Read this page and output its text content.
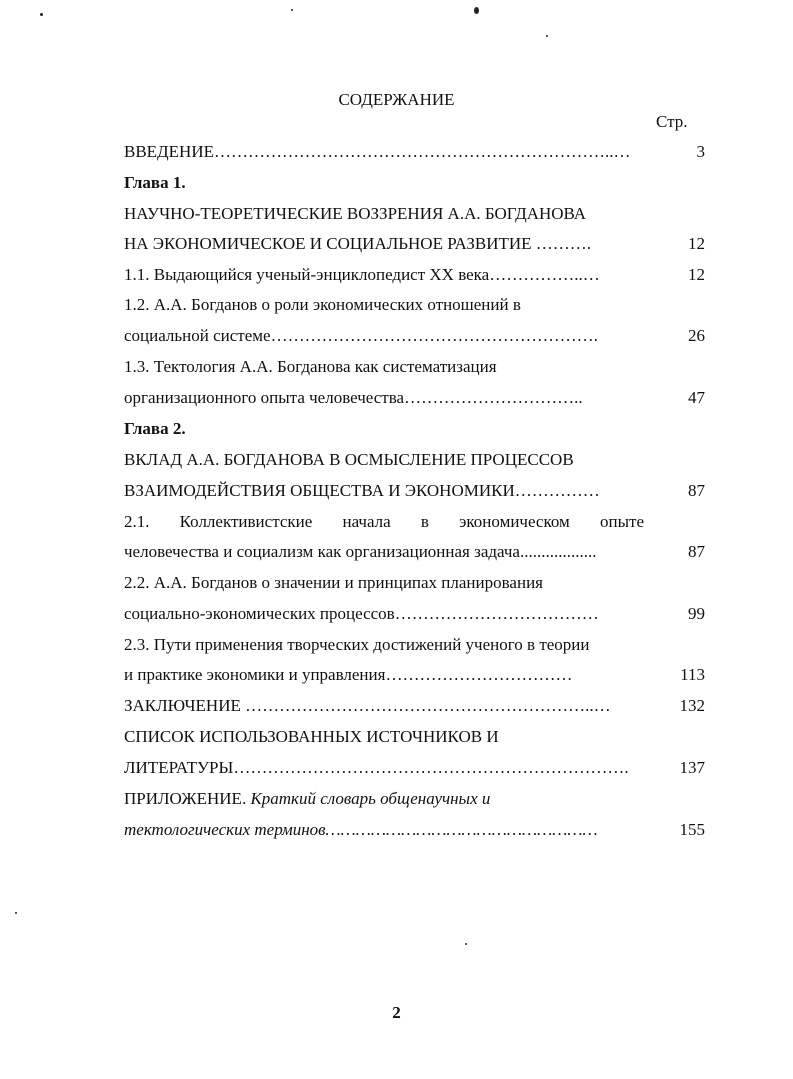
СОДЕРЖАНИЕ
Стр.
ВВЕДЕНИЕ……………………………………………………………..…	3
Глава 1.
НАУЧНО-ТЕОРЕТИЧЕСКИЕ ВОЗЗРЕНИЯ А.А. БОГДАНОВА
НА ЭКОНОМИЧЕСКОЕ И СОЦИАЛЬНОЕ РАЗВИТИЕ ……….	12
1.1. Выдающийся ученый-энциклопедист XX века……………..…	12
1.2. А.А. Богданов о роли экономических отношений в
социальной системе………………………………………………….	26
1.3. Тектология А.А. Богданова как систематизация
организационного опыта человечества…………………………..	47
Глава 2.
ВКЛАД А.А. БОГДАНОВА В ОСМЫСЛЕНИЕ ПРОЦЕССОВ
ВЗАИМОДЕЙСТВИЯ ОБЩЕСТВА И ЭКОНОМИКИ……………	87
2.1. Коллективистские начала в экономическом опыте
человечества и социализм как организационная задача..................	87
2.2. А.А. Богданов о значении и принципах планирования
социально-экономических процессов………………………………	99
2.3. Пути применения творческих достижений ученого в теории
и практике экономики и управления……………………………	113
ЗАКЛЮЧЕНИЕ ……………………………………………………..…	132
СПИСОК ИСПОЛЬЗОВАННЫХ ИСТОЧНИКОВ И
ЛИТЕРАТУРЫ…………………………………………………………….	137
ПРИЛОЖЕНИЕ. Краткий словарь общенаучных и
тектологических терминов………………………………………………	155
2
